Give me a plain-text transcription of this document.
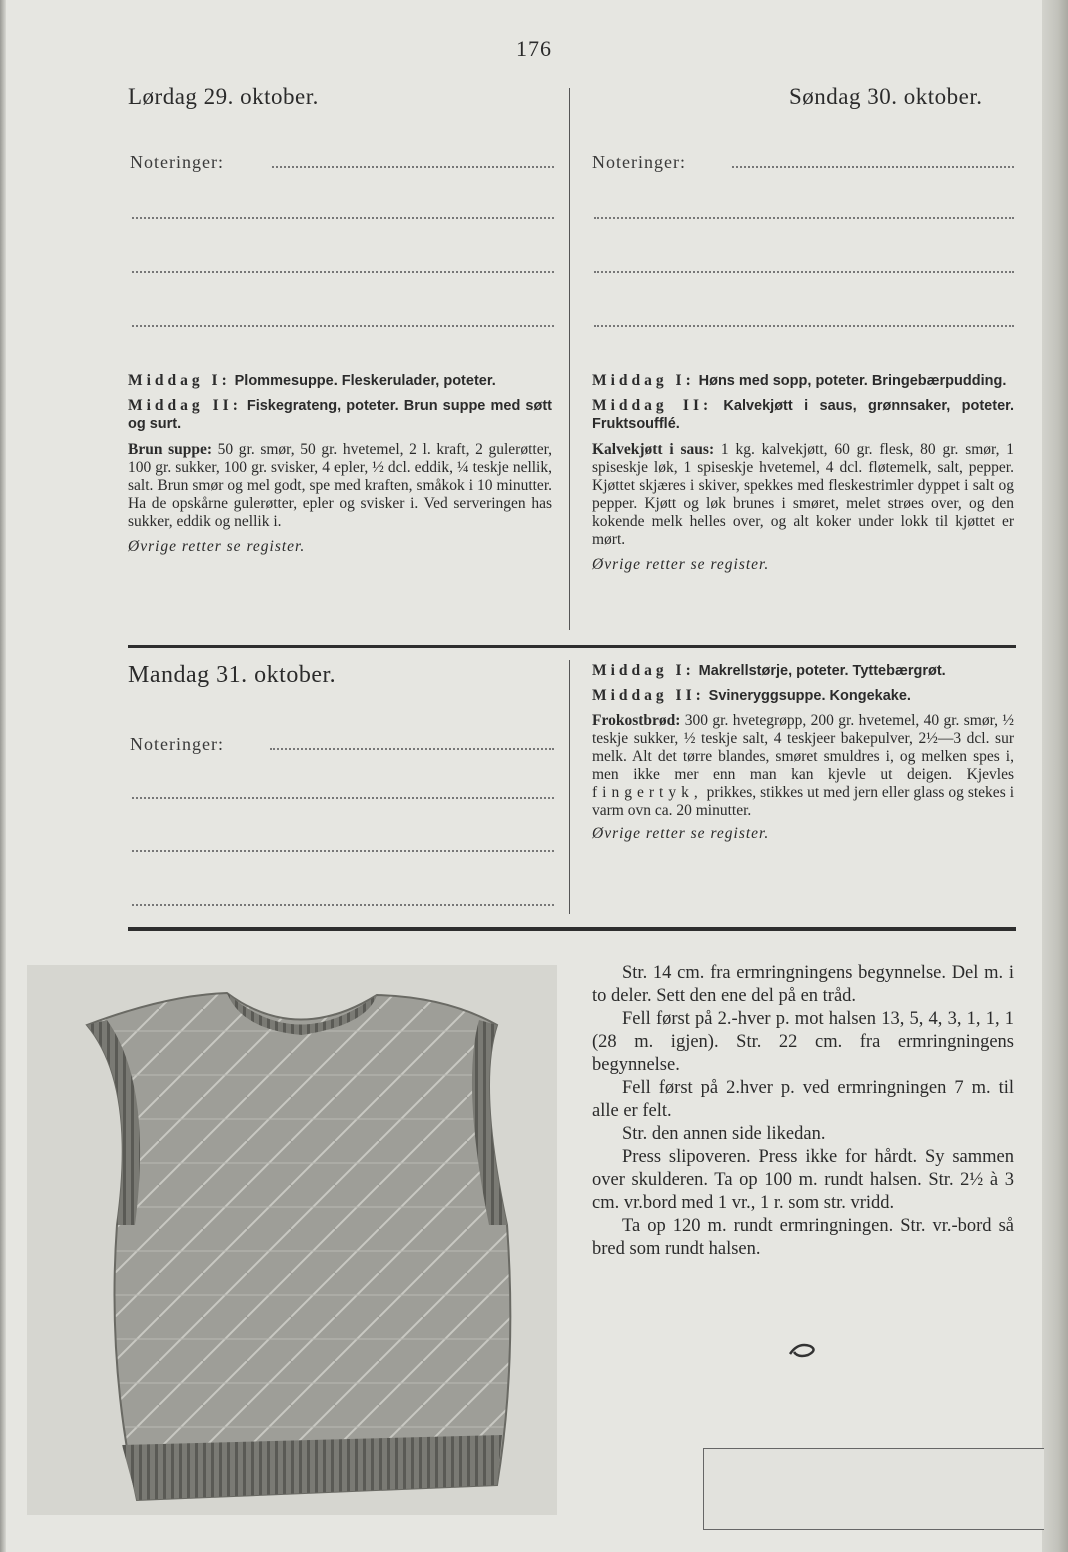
176
Lørdag 29. oktober.
Noteringer:

Middag I: Plommesuppe. Fleskerulader, poteter.

Middag II: Fiskegrateng, poteter. Brun suppe med søtt og surt.

Brun suppe: 50 gr. smør, 50 gr. hvetemel, 2 l. kraft, 2 gulerøtter, 100 gr. sukker, 100 gr. svisker, 4 epler, ½ dcl. eddik, ¼ teskje nellik, salt. Brun smør og mel godt, spe med kraften, småkok i 10 minutter. Ha de opskårne gulerøtter, epler og svisker i. Ved serveringen has sukker, eddik og nellik i.

Øvrige retter se register.

Søndag 30. oktober.
Noteringer:

Middag I: Høns med sopp, poteter. Bringebærpudding.

Middag II: Kalvekjøtt i saus, grønnsaker, poteter. Fruktsoufflé.

Kalvekjøtt i saus: 1 kg. kalvekjøtt, 60 gr. flesk, 80 gr. smør, 1 spiseskje løk, 1 spiseskje hvetemel, 4 dcl. fløtemelk, salt, pepper. Kjøttet skjæres i skiver, spekkes med fleskestrimler dyppet i salt og pepper. Kjøtt og løk brunes i smøret, melet strøes over, og den kokende melk helles over, og alt koker under lokk til kjøttet er mørt.

Øvrige retter se register.

Mandag 31. oktober.
Noteringer:

Middag I: Makrellstørje, poteter. Tyttebærgrøt.

Middag II: Svineryggsuppe. Kongekake.

Frokostbrød: 300 gr. hvetegrøpp, 200 gr. hvetemel, 40 gr. smør, ½ teskje sukker, ½ teskje salt, 4 teskjeer bakepulver, 2½—3 dcl. sur melk. Alt det tørre blandes, smøret smuldres i, og melken spes i, men ikke mer enn man kan kjevle ut deigen. Kjevles fingertyk, prikkes, stikkes ut med jern eller glass og stekes i varm ovn ca. 20 minutter.

Øvrige retter se register.

Str. 14 cm. fra ermringningens begynnelse. Del m. i to deler. Sett den ene del på en tråd.

Fell først på 2.-hver p. mot halsen 13, 5, 4, 3, 1, 1, 1 (28 m. igjen). Str. 22 cm. fra ermringningens begynnelse.

Fell først på 2.hver p. ved ermringningen 7 m. til alle er felt.

Str. den annen side likedan.

Press slipoveren. Press ikke for hårdt. Sy sammen over skulderen. Ta op 100 m. rundt halsen. Str. 2½ à 3 cm. vr.bord med 1 vr., 1 r. som str. vridd.

Ta op 120 m. rundt ermringningen. Str. vr.-bord så bred som rundt halsen.
